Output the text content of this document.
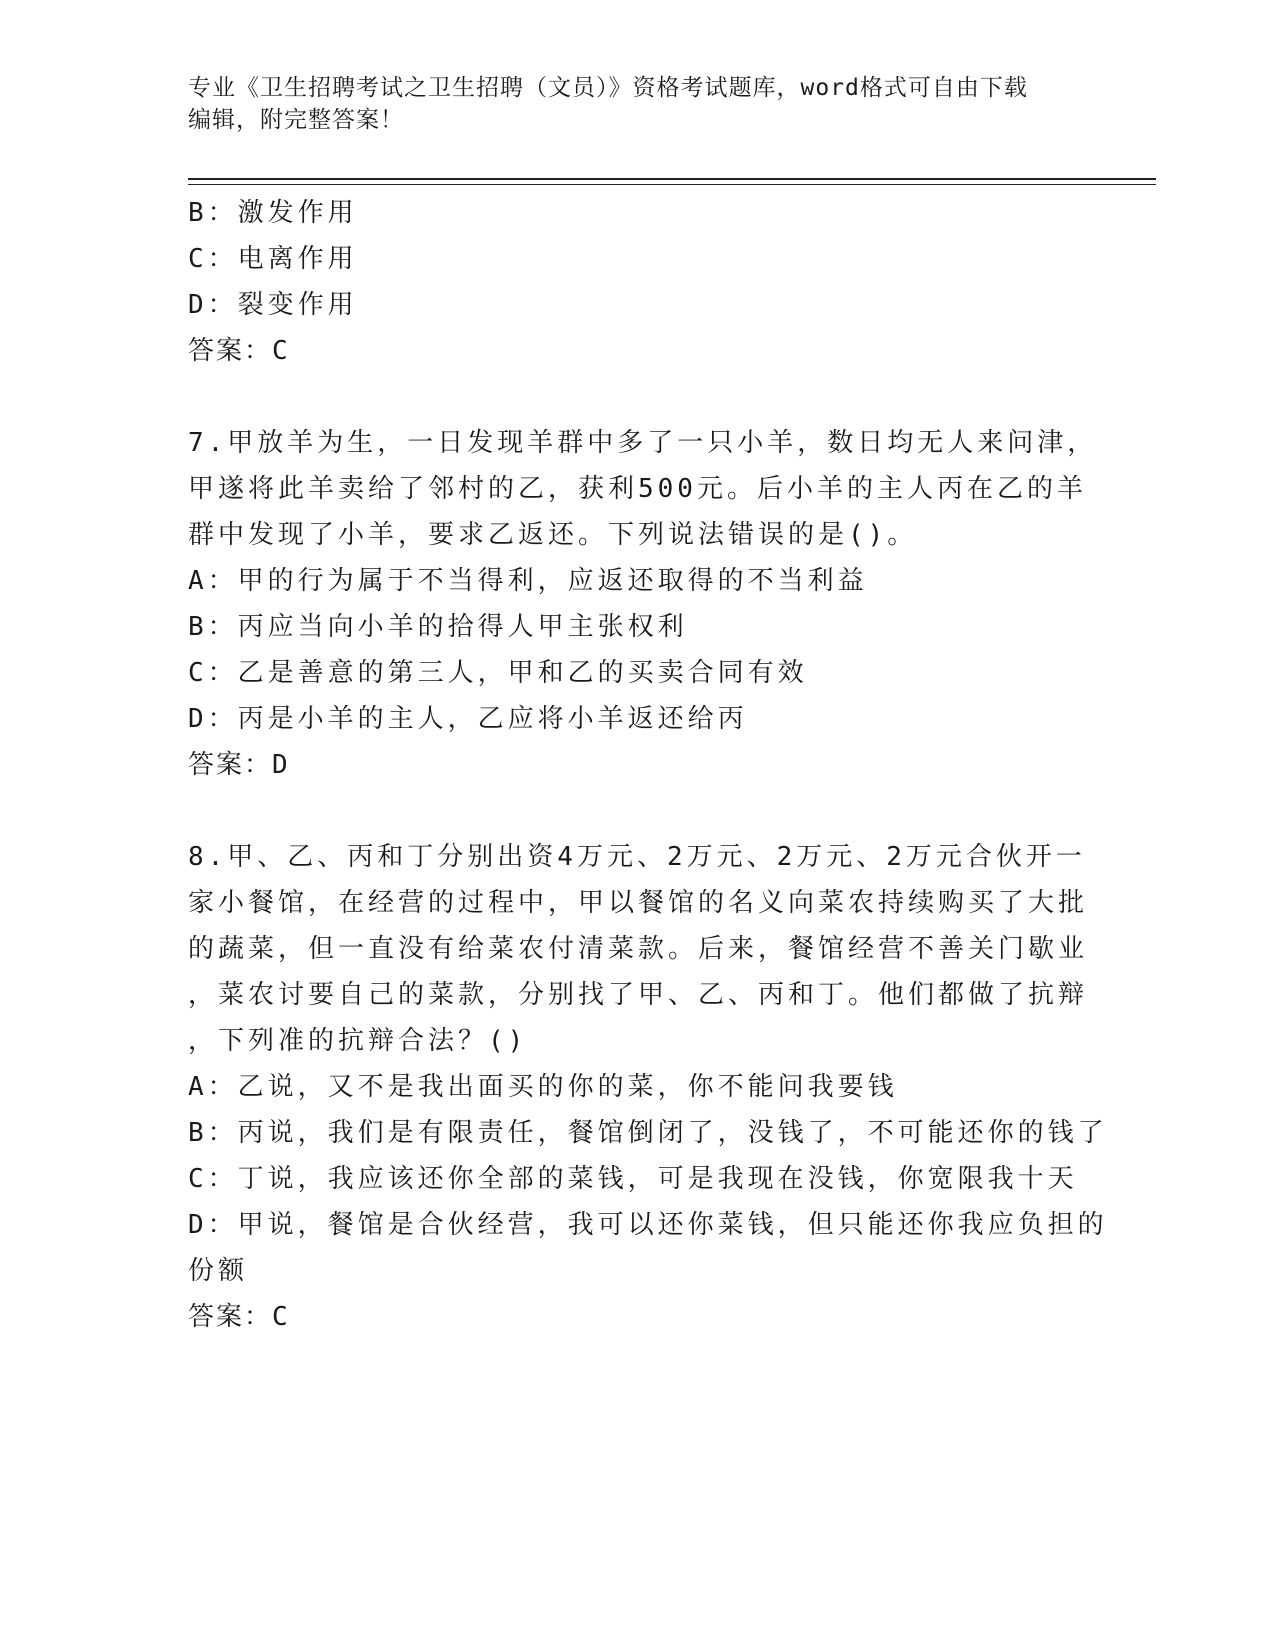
专业《卫生招聘考试之卫生招聘（文员）》资格考试题库，word格式可自由下载

编辑，附完整答案！

B：激发作用

C：电离作用

D：裂变作用

答案：C

7.甲放羊为生，一日发现羊群中多了一只小羊，数日均无人来问津，

甲遂将此羊卖给了邻村的乙，获利500元。后小羊的主人丙在乙的羊

群中发现了小羊，要求乙返还。下列说法错误的是()。

A：甲的行为属于不当得利，应返还取得的不当利益

B：丙应当向小羊的拾得人甲主张权利

C：乙是善意的第三人，甲和乙的买卖合同有效

D：丙是小羊的主人，乙应将小羊返还给丙

答案：D

8.甲、乙、丙和丁分别出资4万元、2万元、2万元、2万元合伙开一

家小餐馆，在经营的过程中，甲以餐馆的名义向菜农持续购买了大批

的蔬菜，但一直没有给菜农付清菜款。后来，餐馆经营不善关门歇业

，菜农讨要自己的菜款，分别找了甲、乙、丙和丁。他们都做了抗辩

，下列准的抗辩合法？()

A：乙说，又不是我出面买的你的菜，你不能问我要钱

B：丙说，我们是有限责任，餐馆倒闭了，没钱了，不可能还你的钱了

C：丁说，我应该还你全部的菜钱，可是我现在没钱，你宽限我十天

D：甲说，餐馆是合伙经营，我可以还你菜钱，但只能还你我应负担的

份额

答案：C
